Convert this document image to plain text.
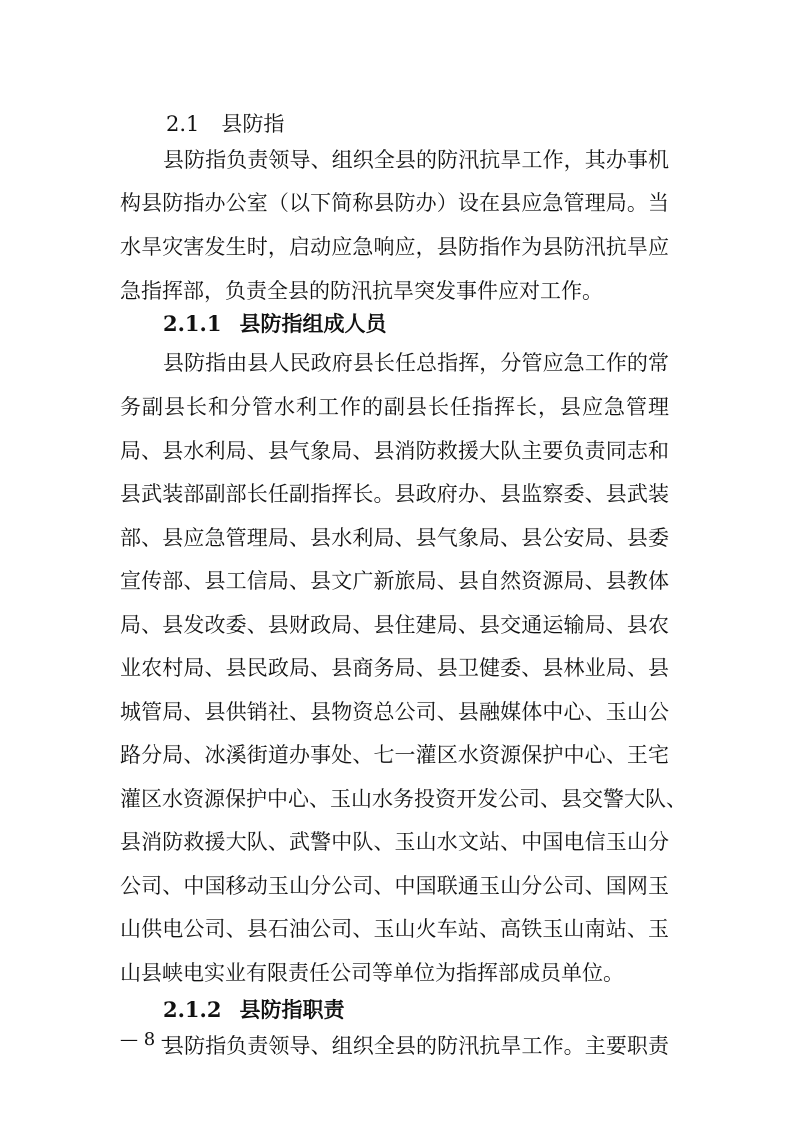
2.1 县防指
县防指负责领导、组织全县的防汛抗旱工作，其办事机
构县防指办公室（以下简称县防办）设在县应急管理局。当
水旱灾害发生时，启动应急响应，县防指作为县防汛抗旱应
急指挥部，负责全县的防汛抗旱突发事件应对工作。
2.1.1 县防指组成人员
县防指由县人民政府县长任总指挥，分管应急工作的常
务副县长和分管水利工作的副县长任指挥长，县应急管理
局、县水利局、县气象局、县消防救援大队主要负责同志和
县武装部副部长任副指挥长。县政府办、县监察委、县武装
部、县应急管理局、县水利局、县气象局、县公安局、县委
宣传部、县工信局、县文广新旅局、县自然资源局、县教体
局、县发改委、县财政局、县住建局、县交通运输局、县农
业农村局、县民政局、县商务局、县卫健委、县林业局、县
城管局、县供销社、县物资总公司、县融媒体中心、玉山公
路分局、冰溪街道办事处、七一灌区水资源保护中心、王宅
灌区水资源保护中心、玉山水务投资开发公司、县交警大队、
县消防救援大队、武警中队、玉山水文站、中国电信玉山分
公司、中国移动玉山分公司、中国联通玉山分公司、国网玉
山供电公司、县石油公司、玉山火车站、高铁玉山南站、玉
山县峡电实业有限责任公司等单位为指挥部成员单位。
2.1.2 县防指职责
县防指负责领导、组织全县的防汛抗旱工作。主要职责
— 8 —
